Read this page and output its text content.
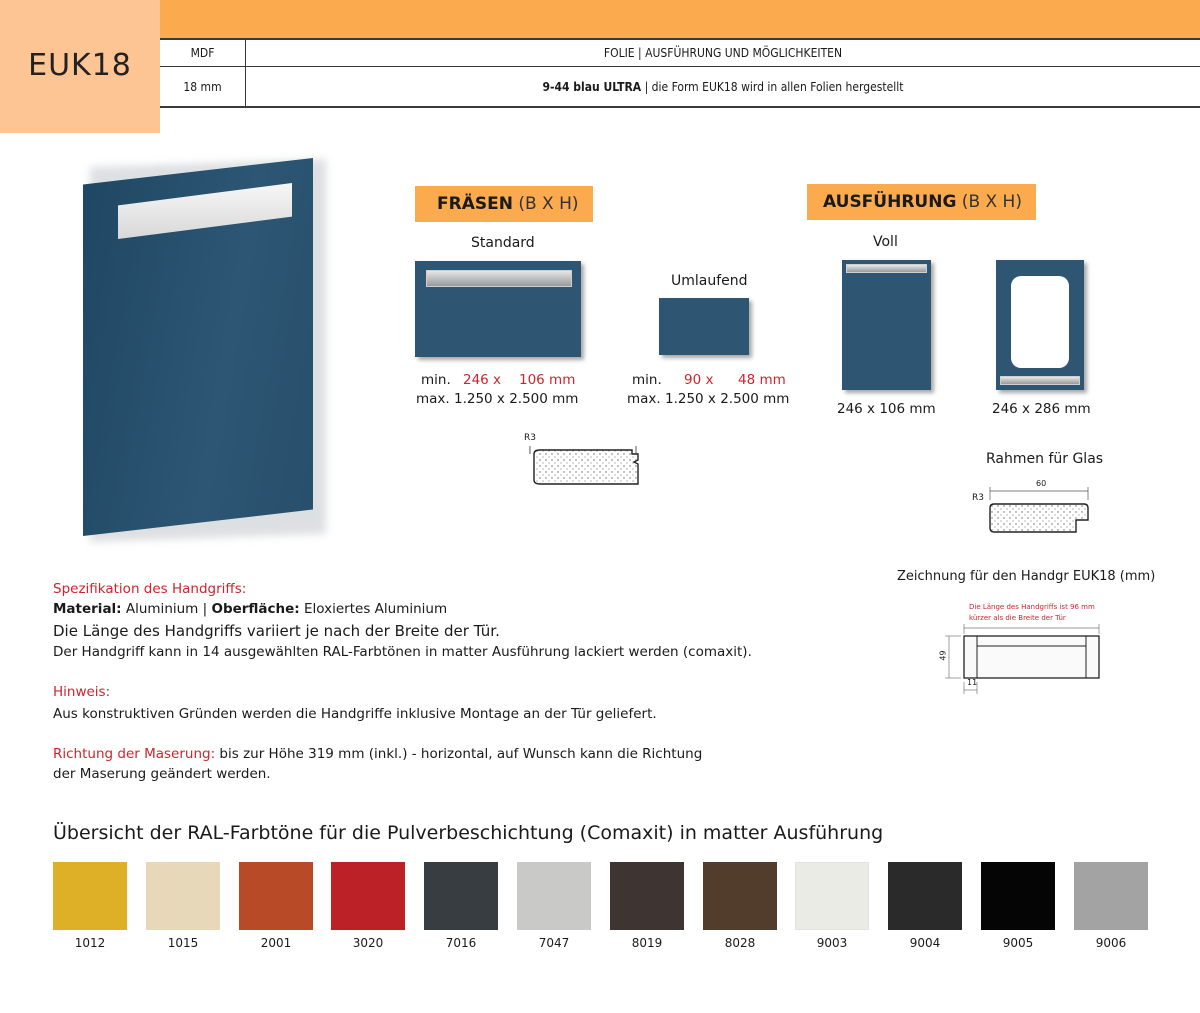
EUK18	MDF	FOLIE | AUSFÜHRUNG UND MÖGLICHKEITEN
18 mm	9-44 blau ULTRA | die Form EUK18 wird in allen Folien hergestellt
FRÄSEN (B X H)
Standard
min. 246 x 106 mm
max. 1.250 x 2.500 mm
Umlaufend
min. 90 x 48 mm
max. 1.250 x 2.500 mm
R3
AUSFÜHRUNG (B X H)
Voll
246 x 106 mm	246 x 286 mm
Rahmen für Glas
60
R3
Zeichnung für den Handgr EUK18 (mm)
Die Länge des Handgriffs ist 96 mm
kürzer als die Breite der Tür
49
11
Spezifikation des Handgriffs:
Material: Aluminium | Oberfläche: Eloxiertes Aluminium
Die Länge des Handgriffs variiert je nach der Breite der Tür.
Der Handgriff kann in 14 ausgewählten RAL-Farbtönen in matter Ausführung lackiert werden (comaxit).
Hinweis:
Aus konstruktiven Gründen werden die Handgriffe inklusive Montage an der Tür geliefert.
Richtung der Maserung: bis zur Höhe 319 mm (inkl.) - horizontal, auf Wunsch kann die Richtung
der Maserung geändert werden.
Übersicht der RAL-Farbtöne für die Pulverbeschichtung (Comaxit) in matter Ausführung
1012	1015	2001	3020	7016	7047	8019	8028	9003	9004	9005	9006
